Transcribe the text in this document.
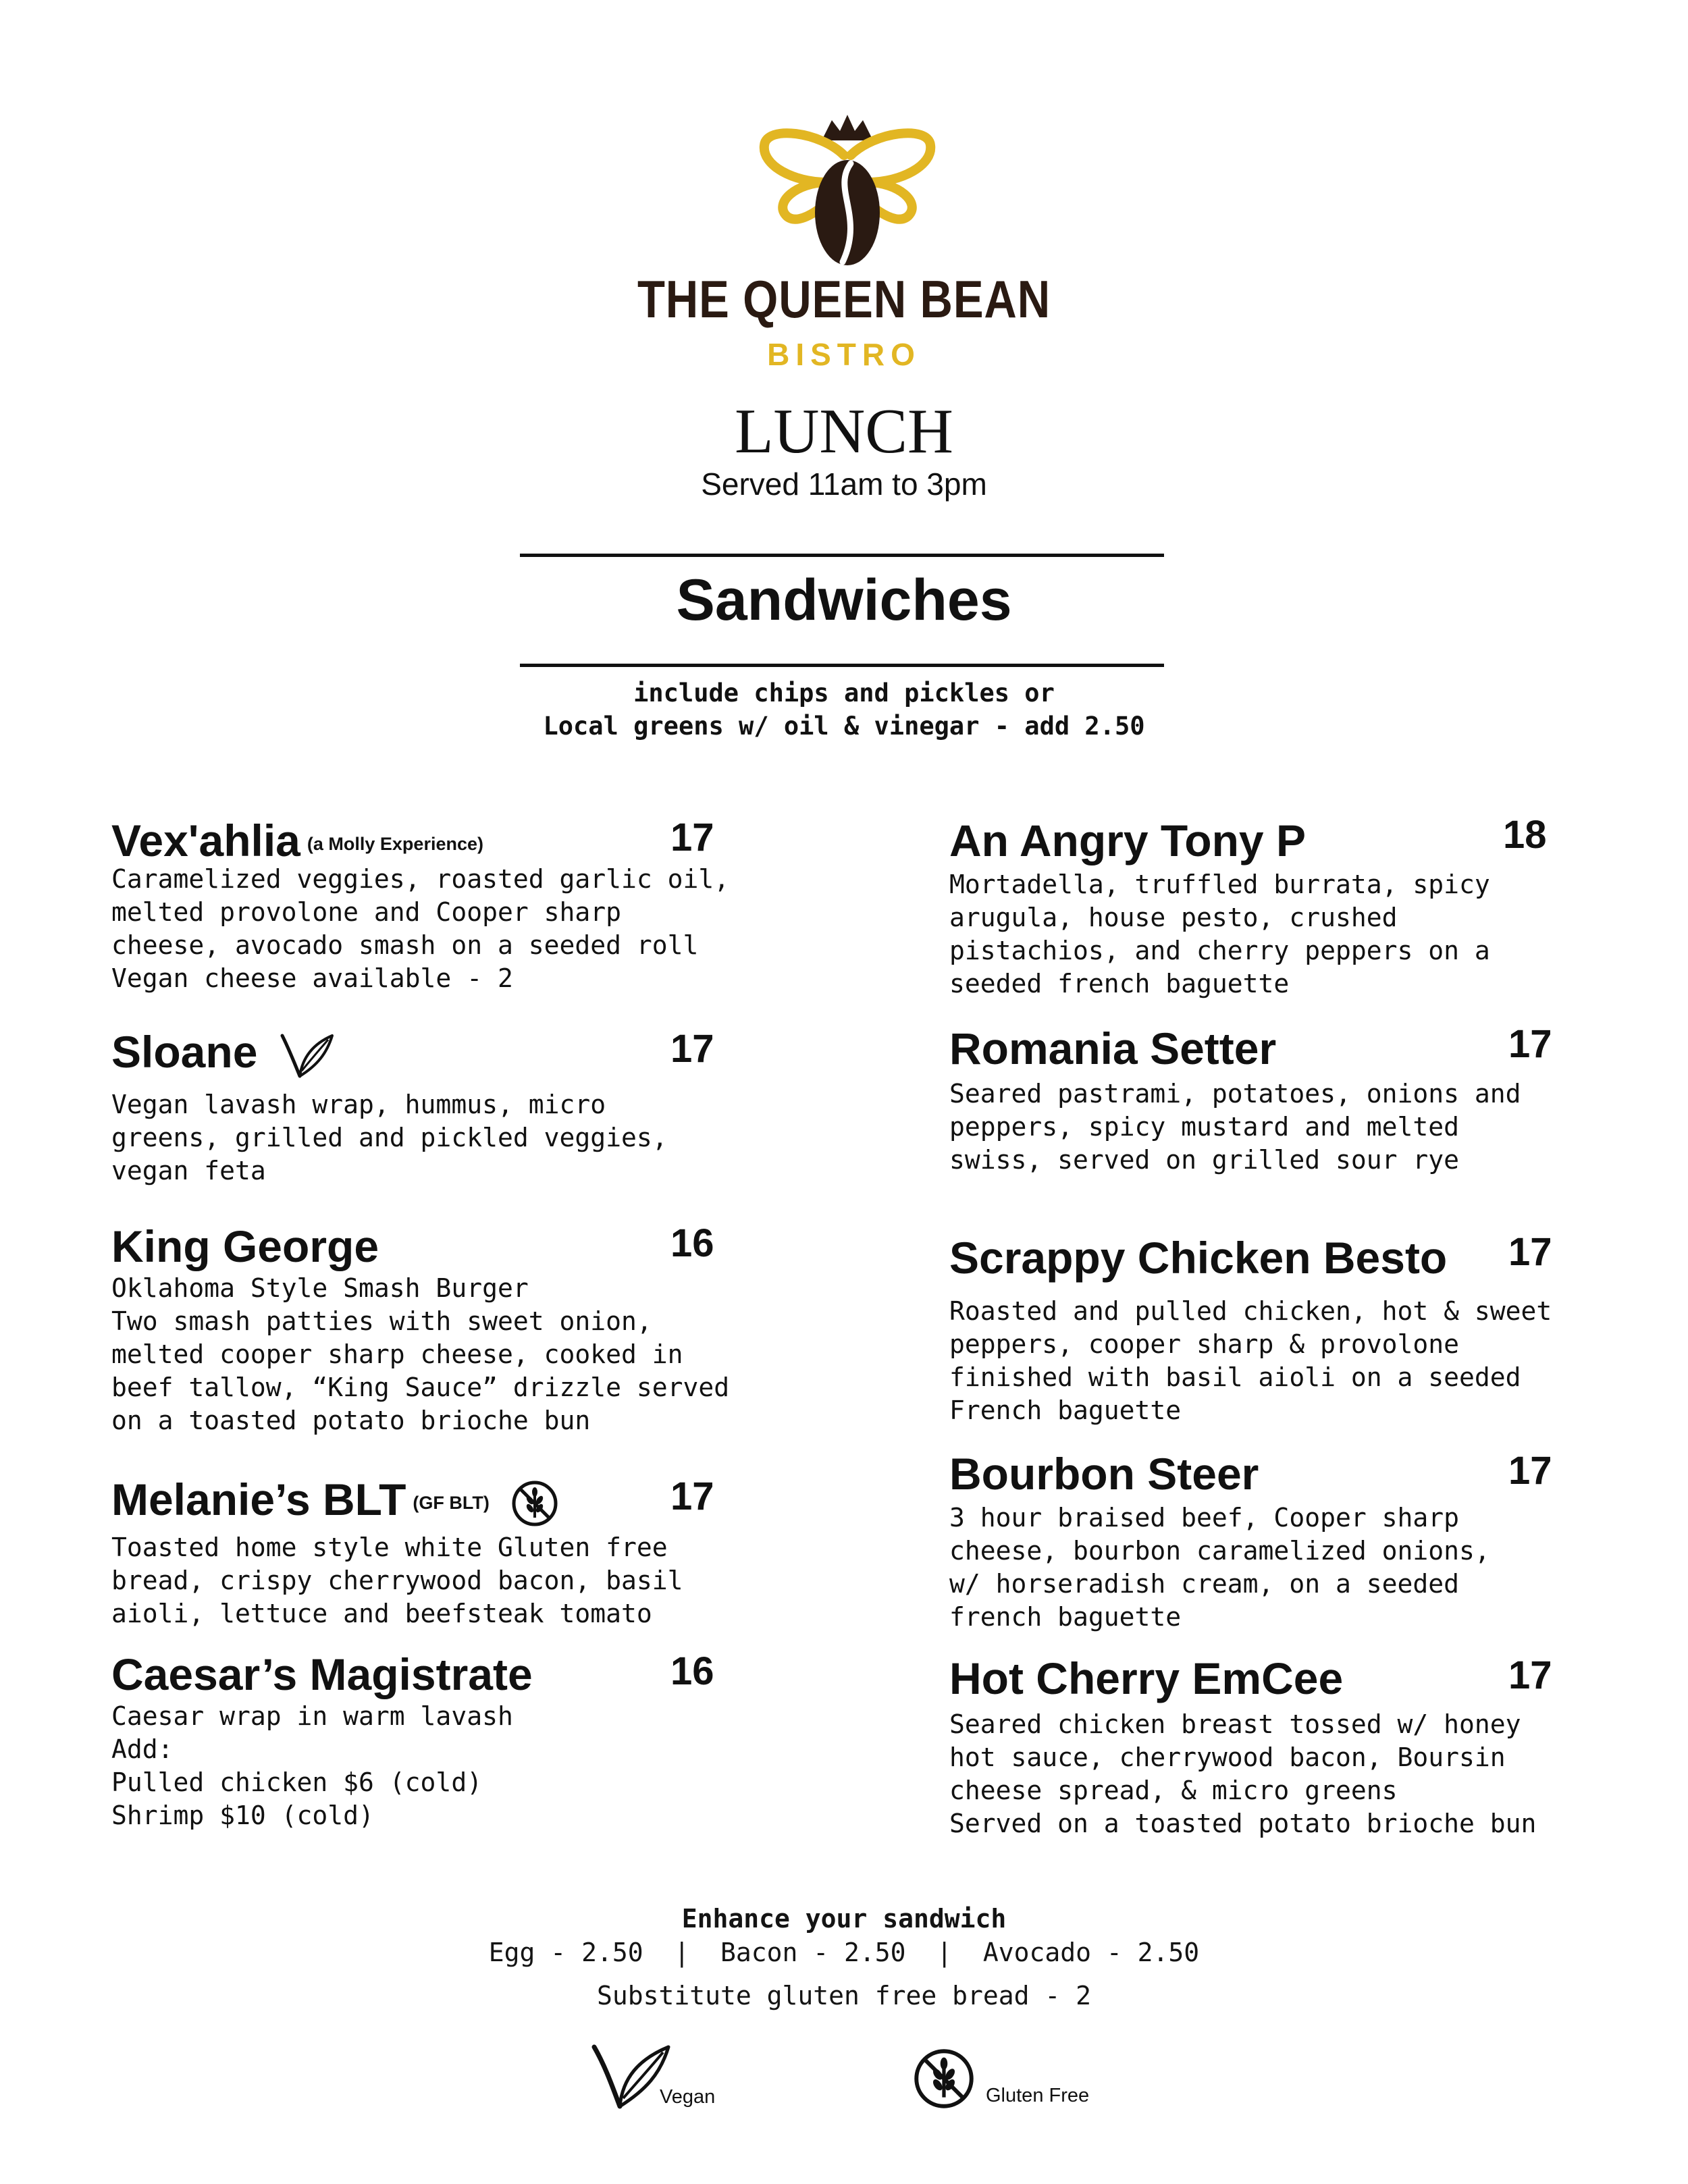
THE QUEEN BEAN
BISTRO
LUNCH
Served 11am to 3pm
Sandwiches
include chips and pickles or
Local greens w/ oil & vinegar - add 2.50
Vex'ahlia (a Molly Experience)	17
Caramelized veggies, roasted garlic oil,
melted provolone and Cooper sharp
cheese, avocado smash on a seeded roll
Vegan cheese available - 2
Sloane	17
Vegan lavash wrap, hummus, micro
greens, grilled and pickled veggies,
vegan feta
King George	16
Oklahoma Style Smash Burger
Two smash patties with sweet onion,
melted cooper sharp cheese, cooked in
beef tallow, “King Sauce” drizzle served
on a toasted potato brioche bun
Melanie’s BLT (GF BLT)	17
Toasted home style white Gluten free
bread, crispy cherrywood bacon, basil
aioli, lettuce and beefsteak tomato
Caesar’s Magistrate	16
Caesar wrap in warm lavash
Add:
Pulled chicken $6 (cold)
Shrimp $10 (cold)
An Angry Tony P	18
Mortadella, truffled burrata, spicy
arugula, house pesto, crushed
pistachios, and cherry peppers on a
seeded french baguette
Romania Setter	17
Seared pastrami, potatoes, onions and
peppers, spicy mustard and melted
swiss, served on grilled sour rye
Scrappy Chicken Besto 17
Roasted and pulled chicken, hot & sweet
peppers, cooper sharp & provolone
finished with basil aioli on a seeded
French baguette
Bourbon Steer	17
3 hour braised beef, Cooper sharp
cheese, bourbon caramelized onions,
w/ horseradish cream, on a seeded
french baguette
Hot Cherry EmCee	17
Seared chicken breast tossed w/ honey
hot sauce, cherrywood bacon, Boursin
cheese spread, & micro greens
Served on a toasted potato brioche bun
Enhance your sandwich
Egg - 2.50  |  Bacon - 2.50  |  Avocado - 2.50
Substitute gluten free bread - 2
Vegan	Gluten Free
